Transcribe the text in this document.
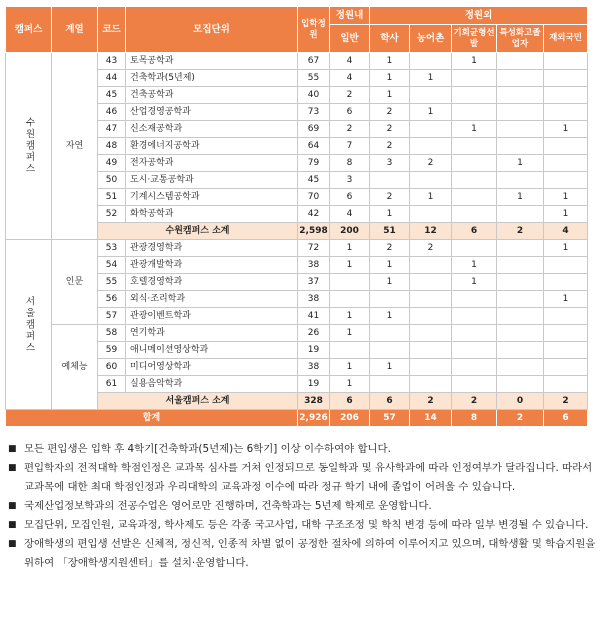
캠퍼스	계열	코드	모집단위	입학정원	정원내	정원외				
					일반	학사	농어촌	기회균형선발	특성화고졸업자	재외국민
수원캠퍼스	자연	43	토목공학과	67	4	1		1		
		44	건축학과(5년제)	55	4	1	1			
		45	건축공학과	40	2	1				
		46	산업경영공학과	73	6	2	1			
		47	신소재공학과	69	2	2		1		1
		48	환경에너지공학과	64	7	2				
		49	전자공학과	79	8	3	2		1	
		50	도시·교통공학과	45	3					
		51	기계시스템공학과	70	6	2	1		1	1
		52	화학공학과	42	4	1				1
		수원캠퍼스 소계		2,598	200	51	12	6	2	4
서울캠퍼스	인문	53	관광경영학과	72	1	2	2			1
		54	관광개발학과	38	1	1		1		
		55	호텔경영학과	37		1		1		
		56	외식·조리학과	38						1
		57	관광이벤트학과	41	1	1				
	예체능	58	연기학과	26	1					
		59	애니메이션영상학과	19						
		60	미디어영상학과	38	1	1				
		61	실용음악학과	19	1					
		서울캠퍼스 소계		328	6	6	2	2	0	2
합계				2,926	206	57	14	8	2	6
■ 모든 편입생은 입학 후 4학기[건축학과(5년제)는 6학기] 이상 이수하여야 합니다.
■ 편입학자의 전적대학 학점인정은 교과목 심사를 거쳐 인정되므로 동일학과 및 유사학과에 따라 인정여부가 달라집니다. 따라서 교과목에 대한 최대 학점인정과 우리대학의 교육과정 이수에 따라 정규 학기 내에 졸업이 어려울 수 있습니다.
■ 국제산업정보학과의 전공수업은 영어로만 진행하며, 건축학과는 5년제 학제로 운영합니다.
■ 모집단위, 모집인원, 교육과정, 학사제도 등은 각종 국고사업, 대학 구조조정 및 학칙 변경 등에 따라 일부 변경될 수 있습니다.
■ 장애학생의 편입생 선발은 신체적, 정신적, 인종적 차별 없이 공정한 절차에 의하여 이루어지고 있으며, 대학생활 및 학습지원을 위하여 「장애학생지원센터」를 설치·운영합니다.
